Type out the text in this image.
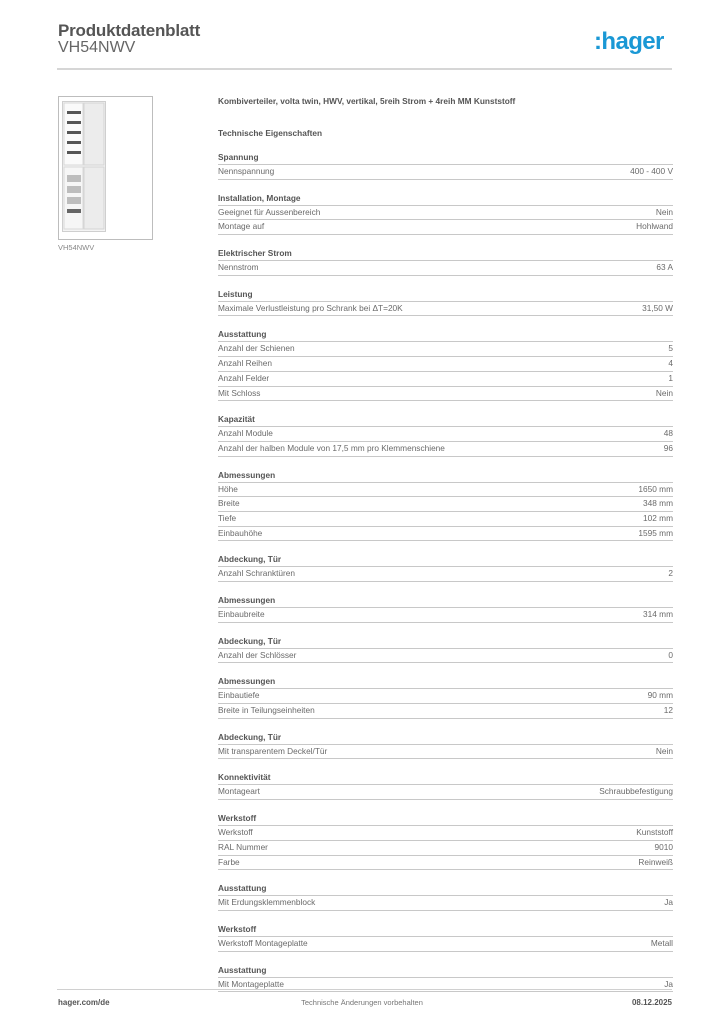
Produktdatenblatt
VH54NWV	:hager
VH54NWV
Kombiverteiler, volta twin, HWV, vertikal, 5reih Strom + 4reih MM Kunststoff
Technische Eigenschaften
Spannung
Nennspannung	400 - 400 V
Installation, Montage
Geeignet für Aussenbereich	Nein
Montage auf	Hohlwand
Elektrischer Strom
Nennstrom	63 A
Leistung
Maximale Verlustleistung pro Schrank bei ΔT=20K	31,50 W
Ausstattung
Anzahl der Schienen	5
Anzahl Reihen	4
Anzahl Felder	1
Mit Schloss	Nein
Kapazität
Anzahl Module	48
Anzahl der halben Module von 17,5 mm pro Klemmenschiene	96
Abmessungen
Höhe	1650 mm
Breite	348 mm
Tiefe	102 mm
Einbauhöhe	1595 mm
Abdeckung, Tür
Anzahl Schranktüren	2
Abmessungen
Einbaubreite	314 mm
Abdeckung, Tür
Anzahl der Schlösser	0
Abmessungen
Einbautiefe	90 mm
Breite in Teilungseinheiten	12
Abdeckung, Tür
Mit transparentem Deckel/Tür	Nein
Konnektivität
Montageart	Schraubbefestigung
Werkstoff
Werkstoff	Kunststoff
RAL Nummer	9010
Farbe	Reinweiß
Ausstattung
Mit Erdungsklemmenblock	Ja
Werkstoff
Werkstoff Montageplatte	Metall
Ausstattung
Mit Montageplatte	Ja
hager.com/de	Technische Änderungen vorbehalten	08.12.2025
